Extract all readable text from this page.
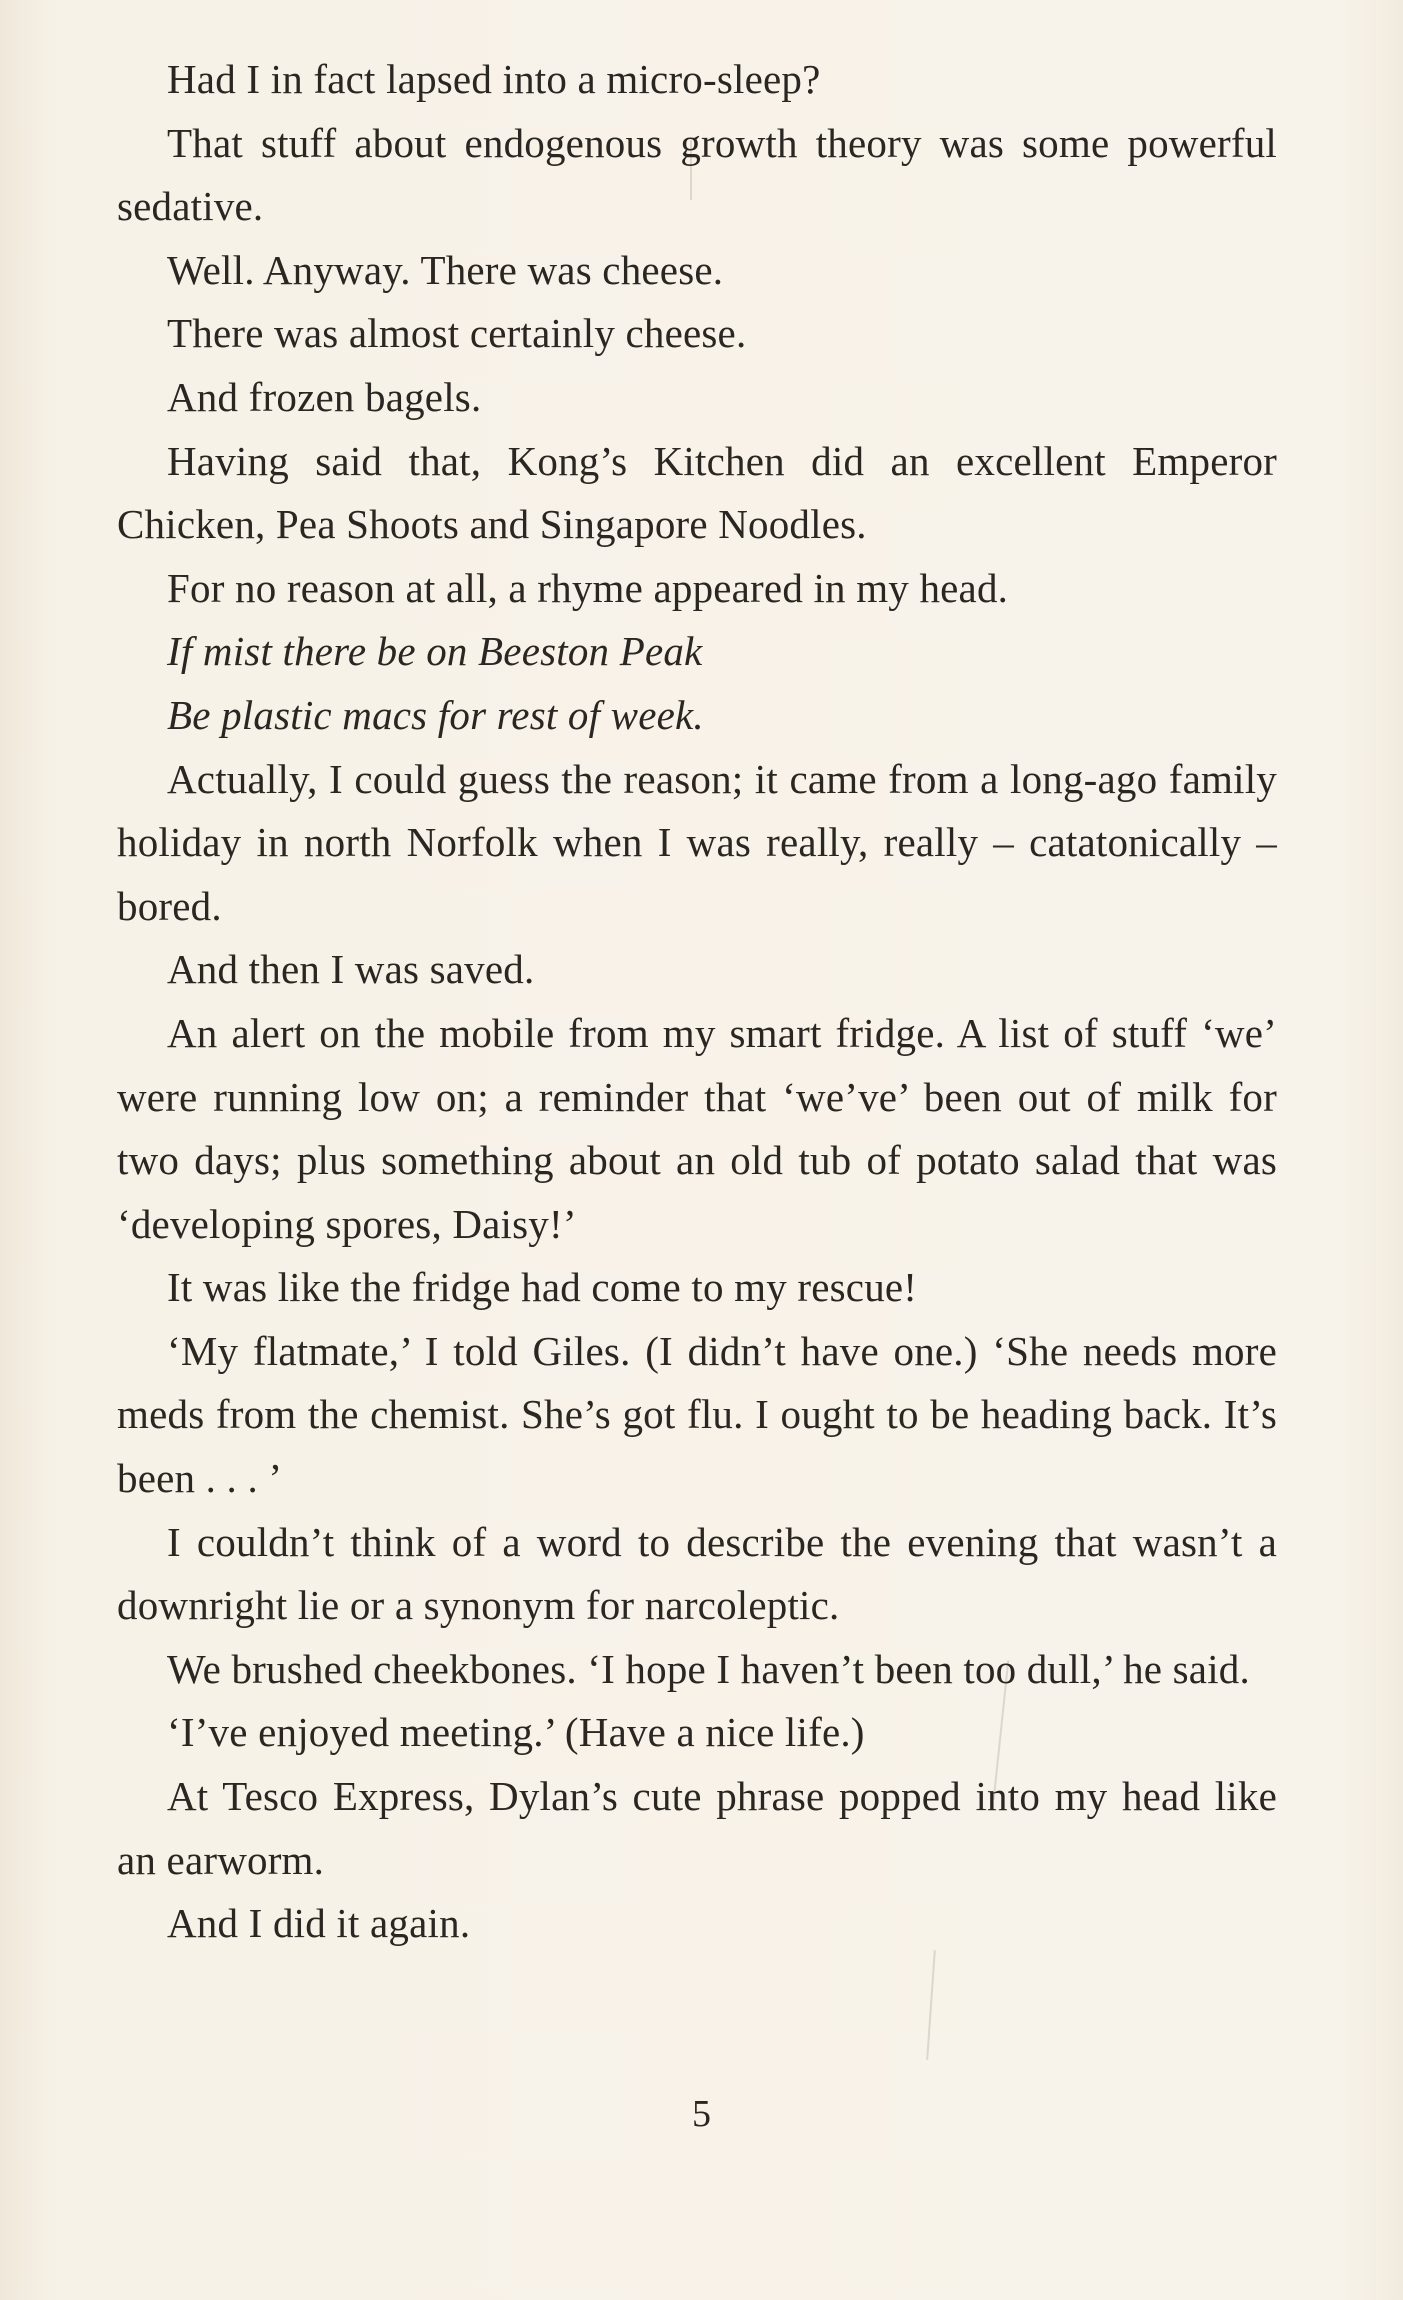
Had I in fact lapsed into a micro-sleep?

That stuff about endogenous growth theory was some powerful sedative.

Well. Anyway. There was cheese.

There was almost certainly cheese.

And frozen bagels.

Having said that, Kong’s Kitchen did an excellent Emperor Chicken, Pea Shoots and Singapore Noodles.

For no reason at all, a rhyme appeared in my head.

If mist there be on Beeston Peak

Be plastic macs for rest of week.

Actually, I could guess the reason; it came from a long-ago family holiday in north Norfolk when I was really, really – catatonically – bored.

And then I was saved.

An alert on the mobile from my smart fridge. A list of stuff ‘we’ were running low on; a reminder that ‘we’ve’ been out of milk for two days; plus something about an old tub of potato salad that was ‘developing spores, Daisy!’

It was like the fridge had come to my rescue!

‘My flatmate,’ I told Giles. (I didn’t have one.) ‘She needs more meds from the chemist. She’s got flu. I ought to be heading back. It’s been . . . ’

I couldn’t think of a word to describe the evening that wasn’t a downright lie or a synonym for narcoleptic.

We brushed cheekbones. ‘I hope I haven’t been too dull,’ he said.

‘I’ve enjoyed meeting.’ (Have a nice life.)

At Tesco Express, Dylan’s cute phrase popped into my head like an earworm.

And I did it again.

5
